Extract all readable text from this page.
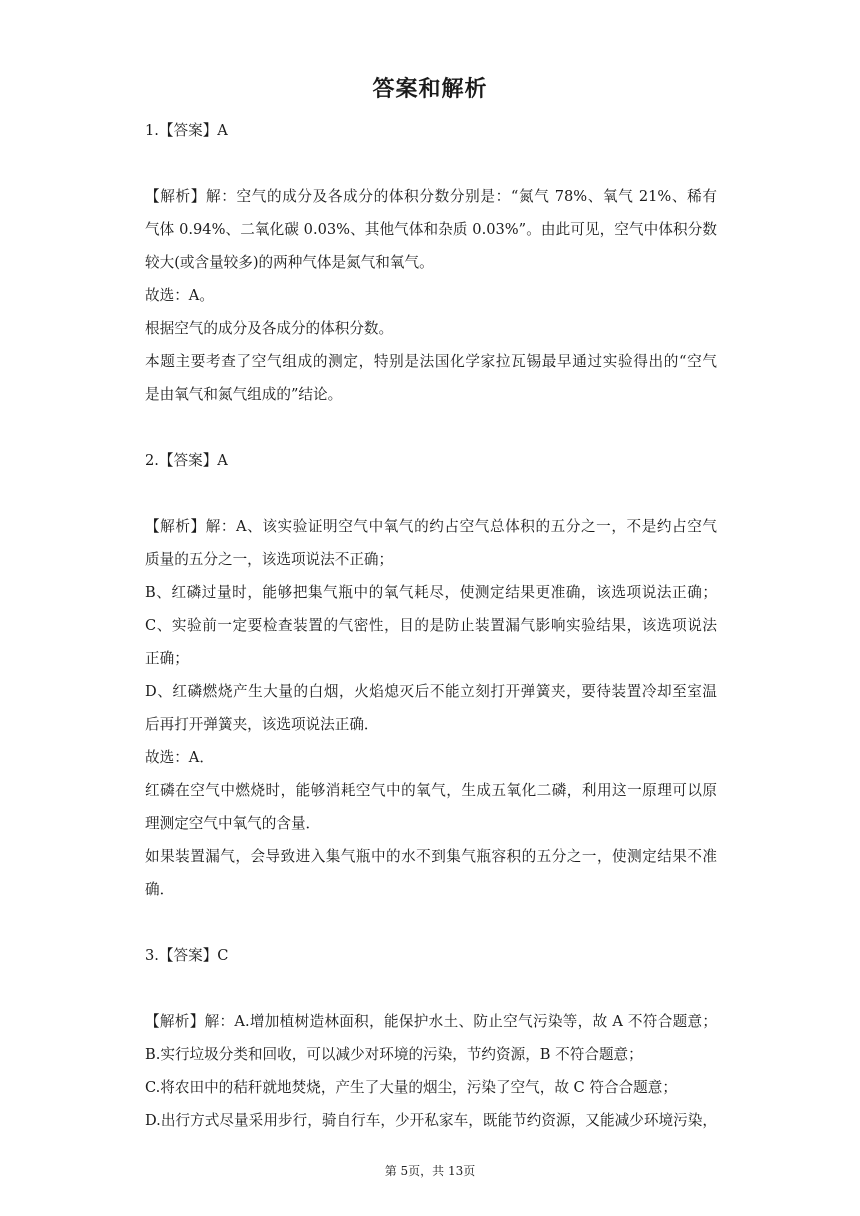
答案和解析
1.【答案】A
【解析】解：空气的成分及各成分的体积分数分别是：“氮气 78%、氧气 21%、稀有
气体 0.94%、二氧化碳 0.03%、其他气体和杂质 0.03%”。由此可见，空气中体积分数
较大(或含量较多)的两种气体是氮气和氧气。
故选：A。
根据空气的成分及各成分的体积分数。
本题主要考查了空气组成的测定，特别是法国化学家拉瓦锡最早通过实验得出的“空气
是由氧气和氮气组成的”结论。
2.【答案】A
【解析】解：A、该实验证明空气中氧气的约占空气总体积的五分之一，不是约占空气
质量的五分之一，该选项说法不正确；
B、红磷过量时，能够把集气瓶中的氧气耗尽，使测定结果更准确，该选项说法正确；
C、实验前一定要检查装置的气密性，目的是防止装置漏气影响实验结果，该选项说法
正确；
D、红磷燃烧产生大量的白烟，火焰熄灭后不能立刻打开弹簧夹，要待装置冷却至室温
后再打开弹簧夹，该选项说法正确．
故选：A．
红磷在空气中燃烧时，能够消耗空气中的氧气，生成五氧化二磷，利用这一原理可以原
理测定空气中氧气的含量．
如果装置漏气，会导致进入集气瓶中的水不到集气瓶容积的五分之一，使测定结果不准
确．
3.【答案】C
【解析】解：A.增加植树造林面积，能保护水土、防止空气污染等，故 A 不符合题意；
B.实行垃圾分类和回收，可以减少对环境的污染，节约资源，B 不符合题意；
C.将农田中的秸秆就地焚烧，产生了大量的烟尘，污染了空气，故 C 符合合题意；
D.出行方式尽量采用步行，骑自行车，少开私家车，既能节约资源，又能减少环境污染，
第 5页，共 13页
